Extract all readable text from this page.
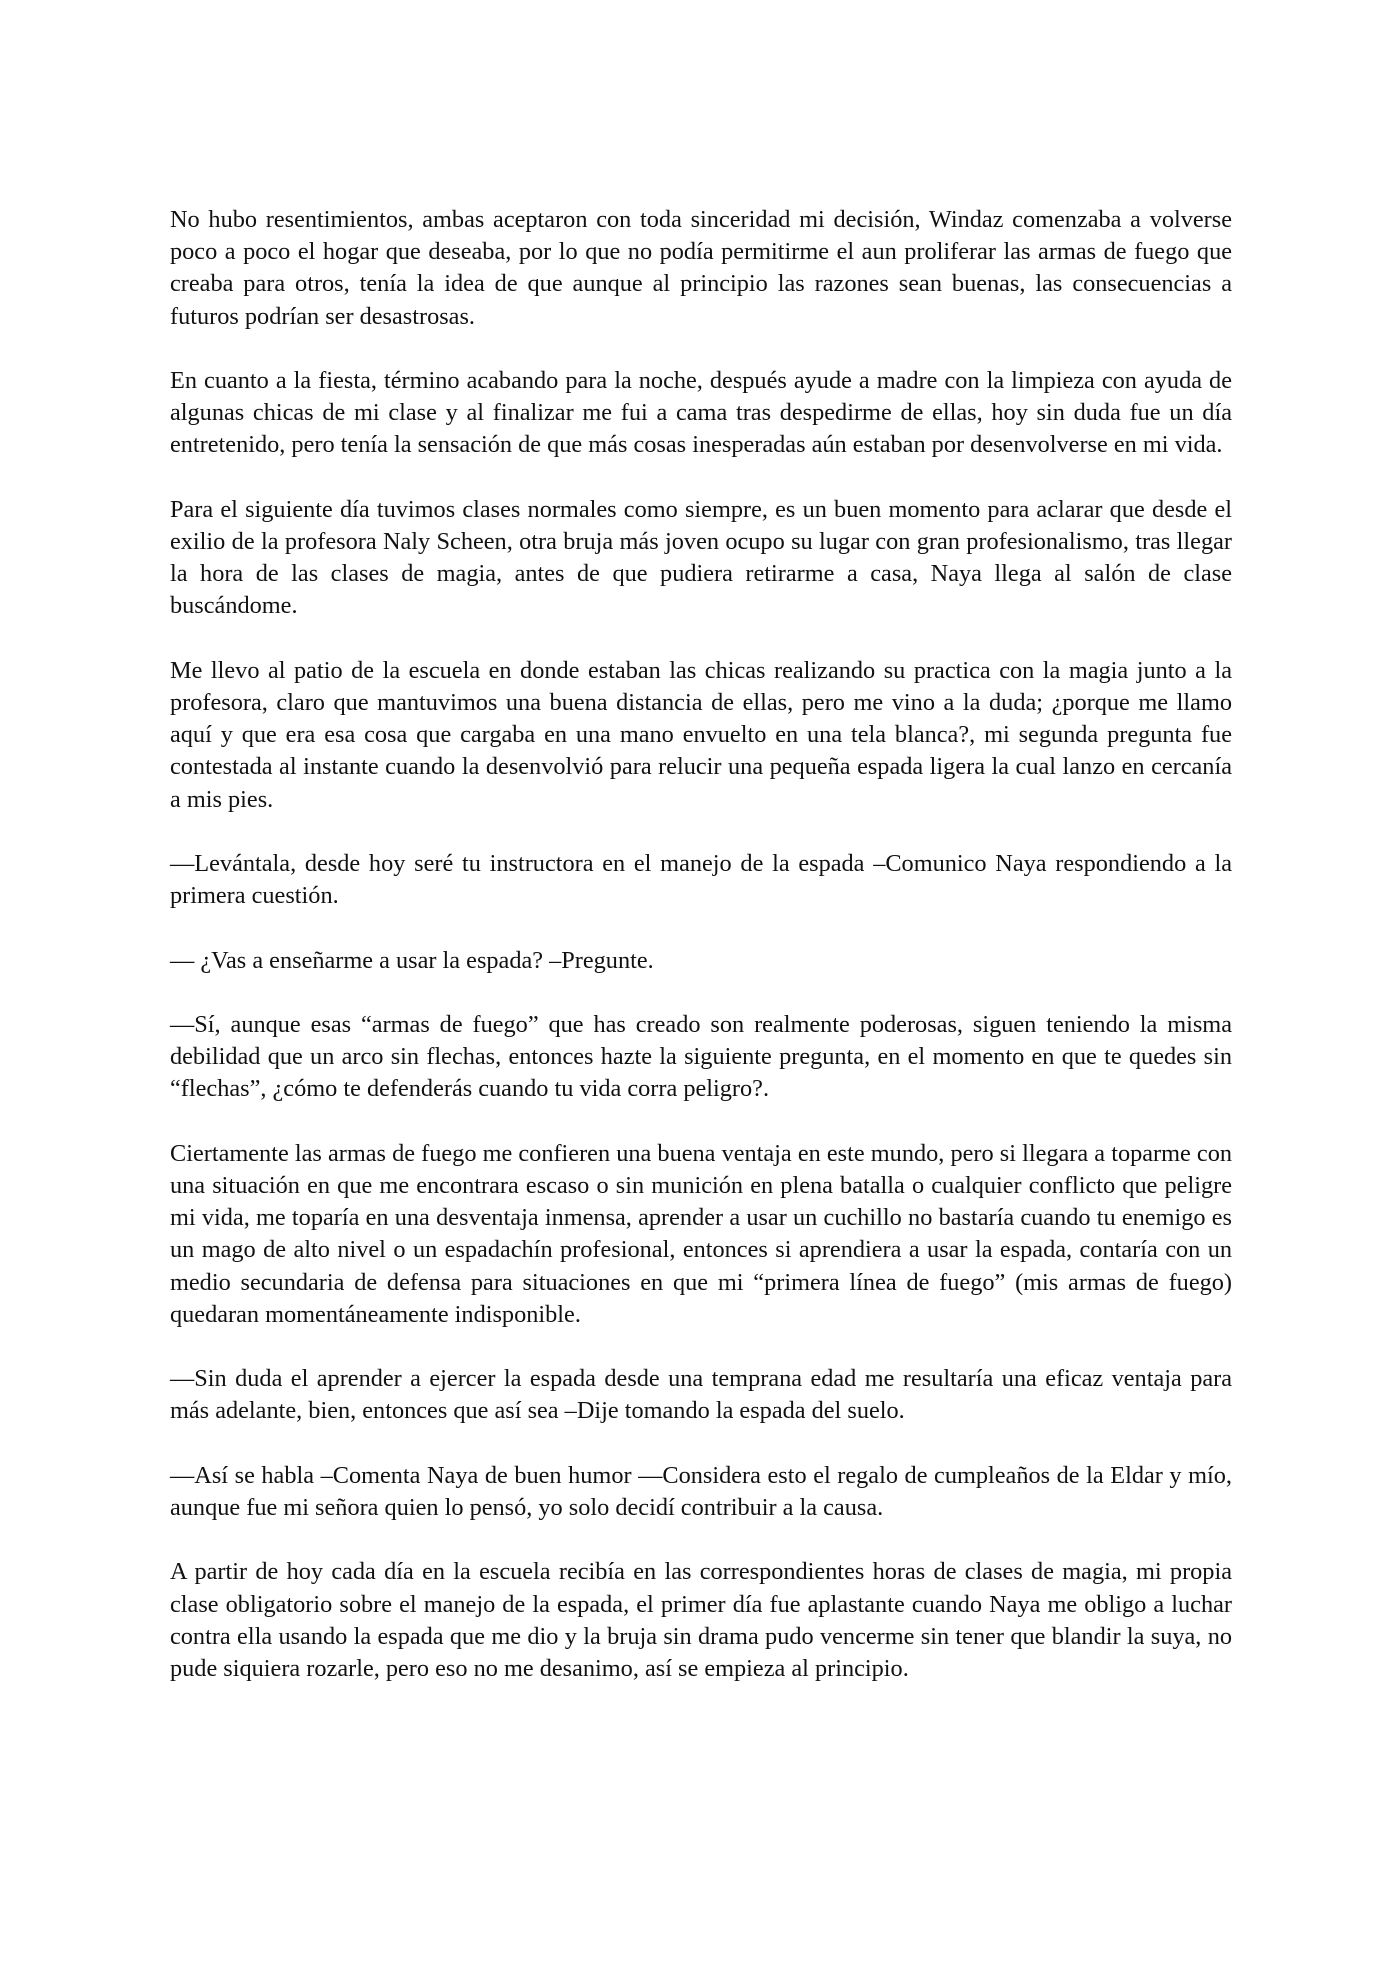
No hubo resentimientos, ambas aceptaron con toda sinceridad mi decisión, Windaz comenzaba a volverse poco a poco el hogar que deseaba, por lo que no podía permitirme el aun proliferar las armas de fuego que creaba para otros, tenía la idea de que aunque al principio las razones sean buenas, las consecuencias a futuros podrían ser desastrosas.

En cuanto a la fiesta, término acabando para la noche, después ayude a madre con la limpieza con ayuda de algunas chicas de mi clase y al finalizar me fui a cama tras despedirme de ellas, hoy sin duda fue un día entretenido, pero tenía la sensación de que más cosas inesperadas aún estaban por desenvolverse en mi vida.

Para el siguiente día tuvimos clases normales como siempre, es un buen momento para aclarar que desde el exilio de la profesora Naly Scheen, otra bruja más joven ocupo su lugar con gran profesionalismo, tras llegar la hora de las clases de magia, antes de que pudiera retirarme a casa, Naya llega al salón de clase buscándome.

Me llevo al patio de la escuela en donde estaban las chicas realizando su practica con la magia junto a la profesora, claro que mantuvimos una buena distancia de ellas, pero me vino a la duda; ¿porque me llamo aquí y que era esa cosa que cargaba en una mano envuelto en una tela blanca?, mi segunda pregunta fue contestada al instante cuando la desenvolvió para relucir una pequeña espada ligera la cual lanzo en cercanía a mis pies.

—Levántala, desde hoy seré tu instructora en el manejo de la espada –Comunico Naya respondiendo a la primera cuestión.

— ¿Vas a enseñarme a usar la espada? –Pregunte.

—Sí, aunque esas “armas de fuego” que has creado son realmente poderosas, siguen teniendo la misma debilidad que un arco sin flechas, entonces hazte la siguiente pregunta, en el momento en que te quedes sin “flechas”, ¿cómo te defenderás cuando tu vida corra peligro?.

Ciertamente las armas de fuego me confieren una buena ventaja en este mundo, pero si llegara a toparme con una situación en que me encontrara escaso o sin munición en plena batalla o cualquier conflicto que peligre mi vida, me toparía en una desventaja inmensa, aprender a usar un cuchillo no bastaría cuando tu enemigo es un mago de alto nivel o un espadachín profesional, entonces si aprendiera a usar la espada, contaría con un medio secundaria de defensa para situaciones en que mi “primera línea de fuego” (mis armas de fuego) quedaran momentáneamente indisponible.

—Sin duda el aprender a ejercer la espada desde una temprana edad me resultaría una eficaz ventaja para más adelante, bien, entonces que así sea –Dije tomando la espada del suelo.

—Así se habla –Comenta Naya de buen humor —Considera esto el regalo de cumpleaños de la Eldar y mío, aunque fue mi señora quien lo pensó, yo solo decidí contribuir a la causa.

A partir de hoy cada día en la escuela recibía en las correspondientes horas de clases de magia, mi propia clase obligatorio sobre el manejo de la espada, el primer día fue aplastante cuando Naya me obligo a luchar contra ella usando la espada que me dio y la bruja sin drama pudo vencerme sin tener que blandir la suya, no pude siquiera rozarle, pero eso no me desanimo, así se empieza al principio.
